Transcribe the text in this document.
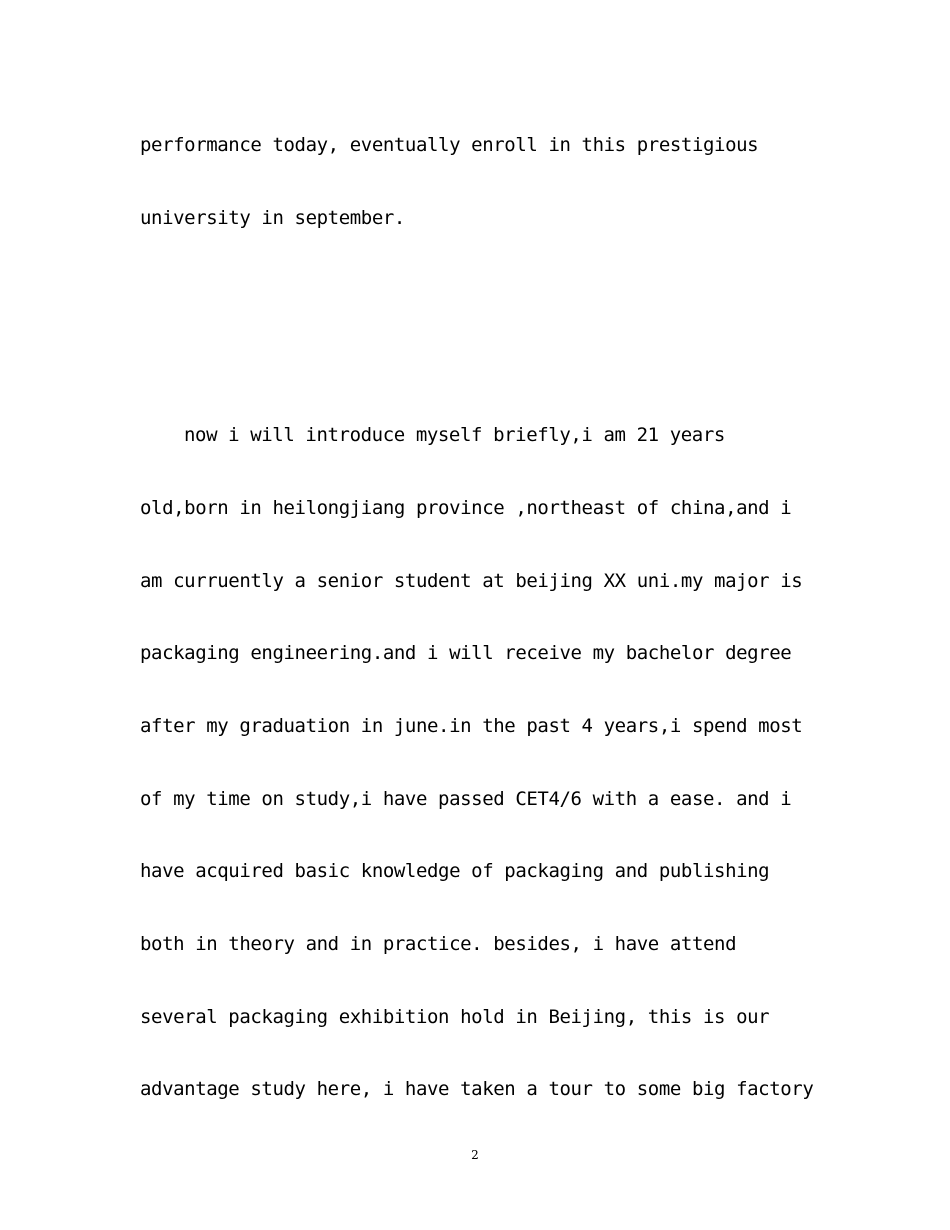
performance today, eventually enroll in this prestigious
university in september.
now i will introduce myself briefly,i am 21 years
old,born in heilongjiang province ,northeast of china,and i
am curruently a senior student at beijing XX uni.my major is
packaging engineering.and i will receive my bachelor degree
after my graduation in june.in the past 4 years,i spend most
of my time on study,i have passed CET4/6 with a ease. and i
have acquired basic knowledge of packaging and publishing
both in theory and in practice. besides, i have attend
several packaging exhibition hold in Beijing, this is our
advantage study here, i have taken a tour to some big factory
2
